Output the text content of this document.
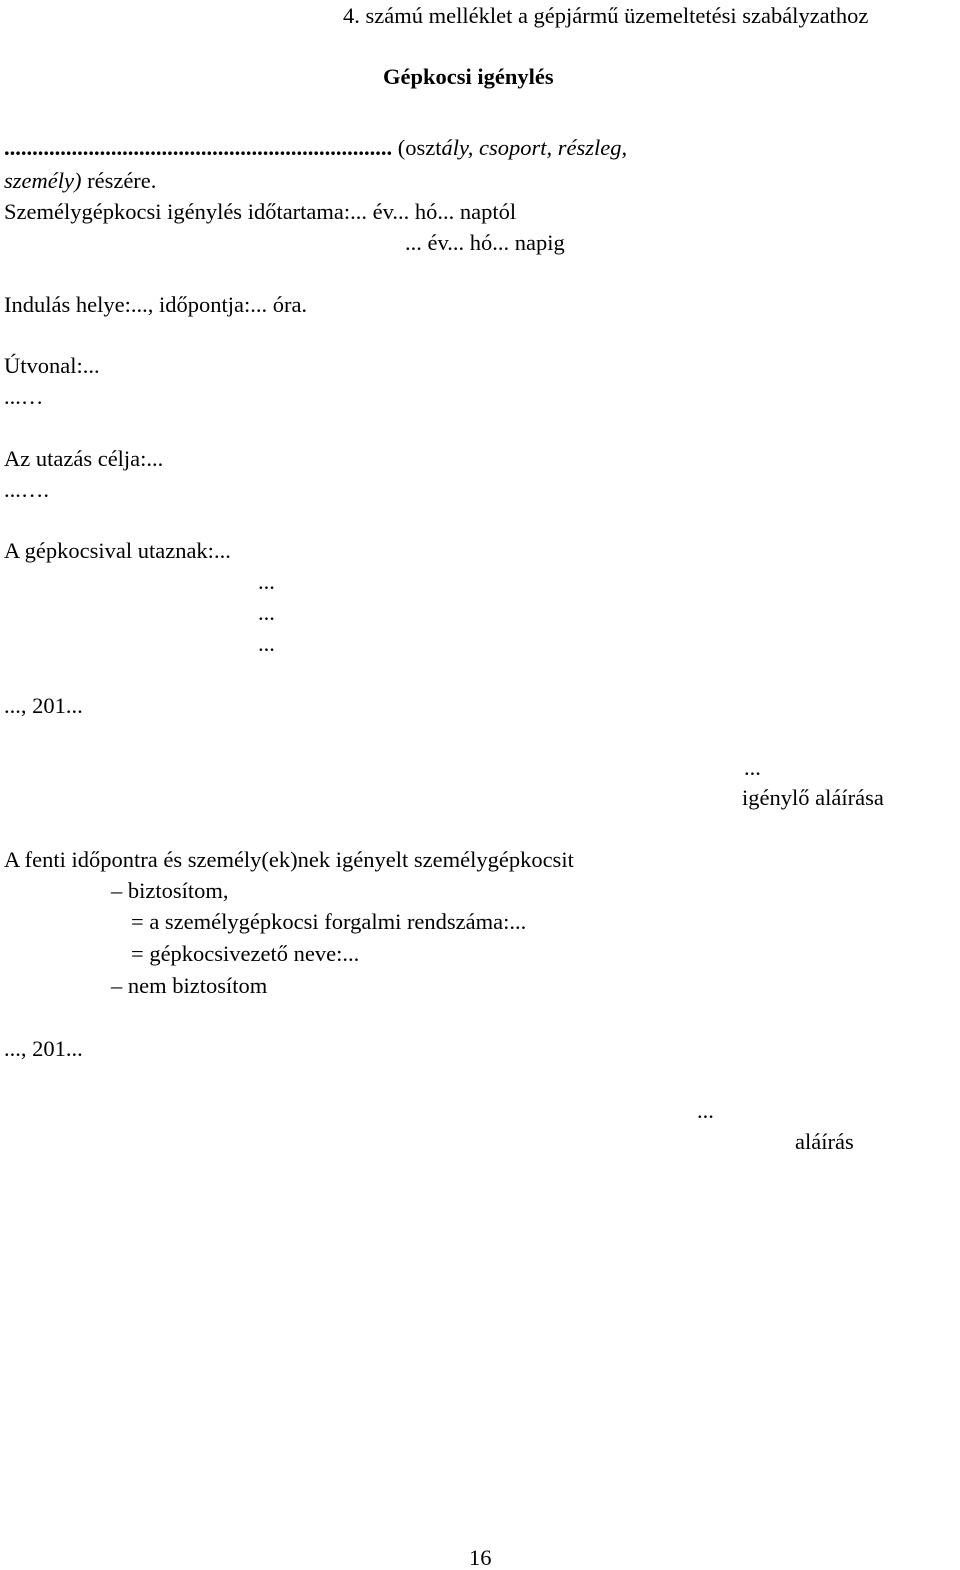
4. számú melléklet a gépjármű üzemeltetési szabályzathoz
Gépkocsi igénylés
..................................................................... (osztály, csoport, részleg,
személy) részére.
Személygépkocsi igénylés időtartama:... év... hó... naptól
... év... hó... napig
Indulás helye:..., időpontja:... óra.
Útvonal:...
...…
Az utazás célja:...
...….
A gépkocsival utaznak:...
...
...
...
..., 201...
...
igénylő aláírása
A fenti időpontra és személy(ek)nek igényelt személygépkocsit
– biztosítom,
= a személygépkocsi forgalmi rendszáma:...
= gépkocsivezető neve:...
– nem biztosítom
..., 201...
...
aláírás
16
